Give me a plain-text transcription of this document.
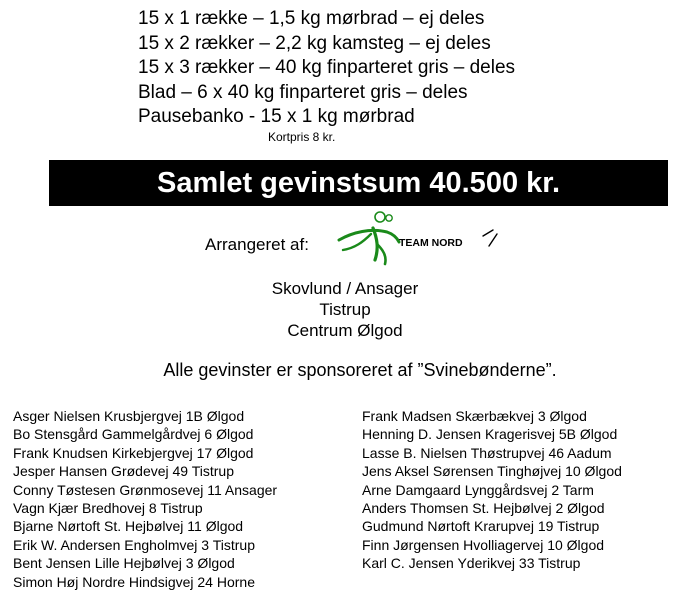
15 x 1 række – 1,5 kg mørbrad – ej deles
15 x 2 rækker – 2,2 kg kamsteg – ej deles
15 x 3 rækker – 40 kg finparteret gris – deles
Blad – 6 x 40 kg finparteret gris – deles
Pausebanko - 15 x 1 kg mørbrad
Kortpris 8 kr.
Samlet gevinstsum 40.500 kr.
Arrangeret af:	TEAM NORD
Skovlund / Ansager
Tistrup
Centrum Ølgod
Alle gevinster er sponsoreret af ”Svinebønderne”.
Asger Nielsen Krusbjergvej 1B Ølgod
Bo Stensgård Gammelgårdvej 6 Ølgod
Frank Knudsen Kirkebjergvej 17 Ølgod
Jesper Hansen Grødevej 49 Tistrup
Conny Tøstesen Grønmosevej 11 Ansager
Vagn Kjær Bredhovej 8 Tistrup
Bjarne Nørtoft St. Hejbølvej 11 Ølgod
Erik W. Andersen Engholmvej 3 Tistrup
Bent Jensen Lille Hejbølvej 3 Ølgod
Simon Høj Nordre Hindsigvej 24 Horne
Frank Madsen Skærbækvej 3 Ølgod
Henning D. Jensen Kragerisvej 5B Ølgod
Lasse B. Nielsen Thøstrupvej 46 Aadum
Jens Aksel Sørensen Tinghøjvej 10 Ølgod
Arne Damgaard Lynggårdsvej 2 Tarm
Anders Thomsen St. Hejbølvej 2 Ølgod
Gudmund Nørtoft Krarupvej 19 Tistrup
Finn Jørgensen Hvolliagervej 10 Ølgod
Karl C. Jensen Yderikvej 33 Tistrup
